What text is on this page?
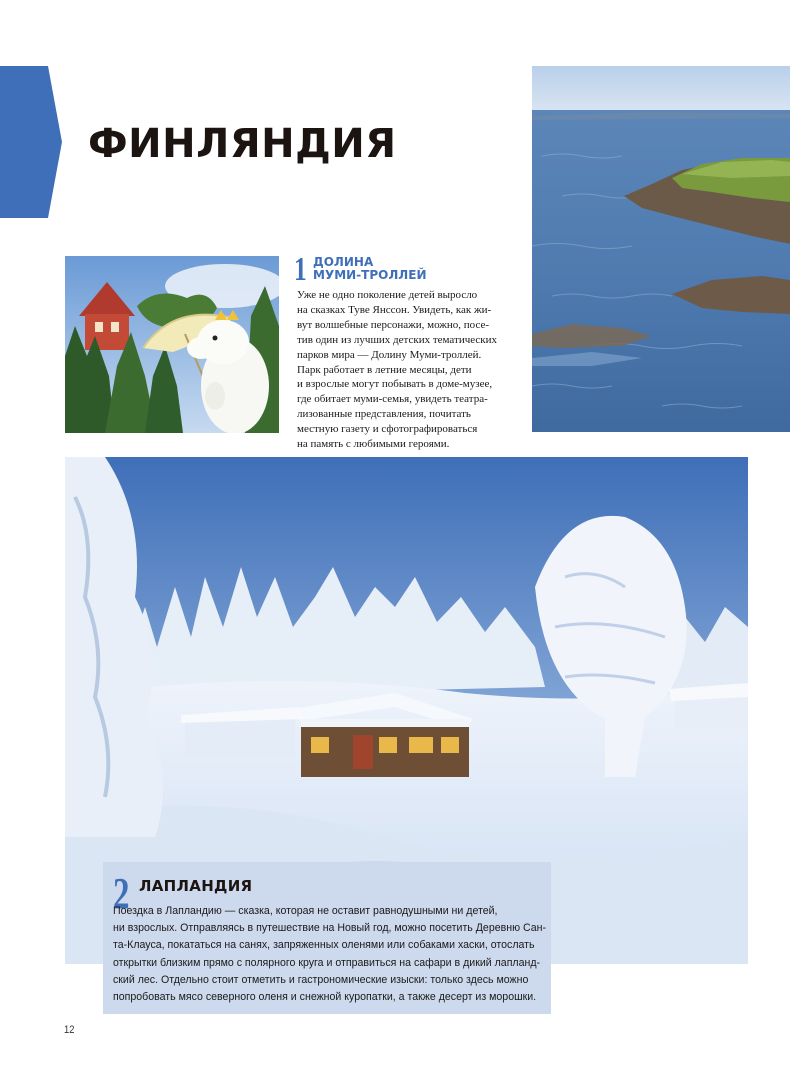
ФИНЛЯНДИЯ
1 ДОЛИНА
МУМИ-ТРОЛЛЕЙ
Уже не одно поколение детей выросло
на сказках Туве Янссон. Увидеть, как жи-
вут волшебные персонажи, можно, посе-
тив один из лучших детских тематических
парков мира — Долину Муми-троллей.
Парк работает в летние месяцы, дети
и взрослые могут побывать в доме-музее,
где обитает муми-семья, увидеть театра-
лизованные представления, почитать
местную газету и сфотографироваться
на память с любимыми героями.
2 ЛАПЛАНДИЯ
Поездка в Лапландию — сказка, которая не оставит равнодушными ни детей,
ни взрослых. Отправляясь в путешествие на Новый год, можно посетить Деревню Сан-
та-Клауса, покататься на санях, запряженных оленями или собаками хаски, отослать
открытки близким прямо с полярного круга и отправиться на сафари в дикий лапланд-
ский лес. Отдельно стоит отметить и гастрономические изыски: только здесь можно
попробовать мясо северного оленя и снежной куропатки, а также десерт из морошки.
12
